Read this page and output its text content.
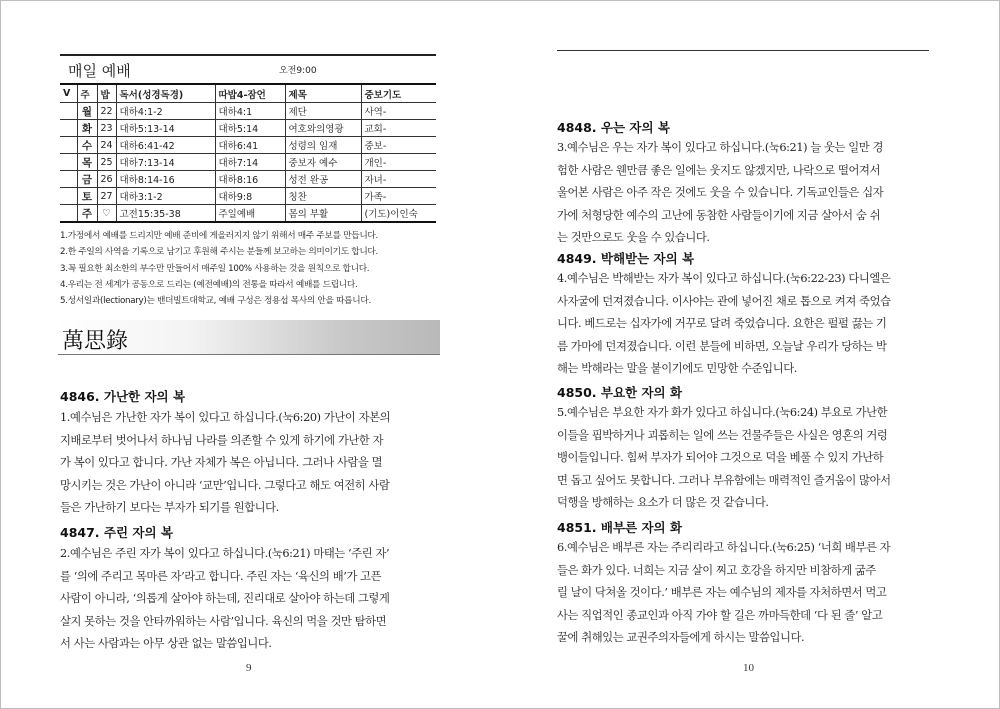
매일 예배	오전9:00
V	주	밥	독서(성경독경)	따밥4-잠언	제목	중보기도
	월	22	대하4:1-2	대하4:1	제단	사역-
	화	23	대하5:13-14	대하5:14	여호와의영광	교회-
	수	24	대하6:41-42	대하6:41	성령의 임재	중보-
	목	25	대하7:13-14	대하7:14	중보자 예수	개인-
	금	26	대하8:14-16	대하8:16	성전 완공	자녀-
	토	27	대하3:1-2	대하9:8	칭찬	가족-
	주	♡	고전15:35-38	주일예배	몸의 부활	(기도)이인숙
1.가정에서 예배를 드리지만 예배 준비에 게을러지지 않기 위해서 매주 주보를 만듭니다.
2.한 주일의 사역을 기록으로 남기고 후원해 주시는 분들께 보고하는 의미이기도 합니다.
3.꼭 필요한 최소한의 부수만 만들어서 매주일 100% 사용하는 것을 원칙으로 합니다.
4.우리는 전 세계가 공동으로 드리는 (예전예배)의 전통을 따라서 예배를 드립니다.
5.성서일과(lectionary)는 밴더빌트대학교, 예배 구성은 정용섭 목사의 안을 따릅니다.
萬思錄
4846. 가난한 자의 복
1.예수님은 가난한 자가 복이 있다고 하십니다.(눅6:20) 가난이 자본의
지배로부터 벗어나서 하나님 나라를 의존할 수 있게 하기에 가난한 자
가 복이 있다고 합니다. 가난 자체가 복은 아닙니다. 그러나 사람을 멸
망시키는 것은 가난이 아니라 ‘교만’입니다. 그렇다고 해도 여전히 사람
들은 가난하기 보다는 부자가 되기를 원합니다.
4847. 주린 자의 복
2.예수님은 주린 자가 복이 있다고 하십니다.(눅6:21) 마태는 ‘주린 자’
를 ‘의에 주리고 목마른 자’라고 합니다. 주린 자는 ‘육신의 배’가 고픈
사람이 아니라, ‘의롭게 살아야 하는데, 진리대로 살아야 하는데 그렇게
살지 못하는 것을 안타까워하는 사람’입니다. 육신의 먹을 것만 탐하면
서 사는 사람과는 아무 상관 없는 말씀입니다.
9
4848. 우는 자의 복
3.예수님은 우는 자가 복이 있다고 하십니다.(눅6:21) 늘 웃는 일만 경
험한 사람은 웬만큼 좋은 일에는 웃지도 않겠지만, 나락으로 떨어져서
울어본 사람은 아주 작은 것에도 웃을 수 있습니다. 기독교인들은 십자
가에 처형당한 예수의 고난에 동참한 사람들이기에 지금 살아서 숨 쉬
는 것만으로도 웃을 수 있습니다.
4849. 박해받는 자의 복
4.예수님은 박해받는 자가 복이 있다고 하십니다.(눅6:22-23) 다니엘은
사자굴에 던져졌습니다. 이사야는 관에 넣어진 채로 톱으로 켜져 죽었습
니다. 베드로는 십자가에 거꾸로 달려 죽었습니다. 요한은 펄펄 끓는 기
름 가마에 던져졌습니다. 이런 분들에 비하면, 오늘날 우리가 당하는 박
해는 박해라는 말을 붙이기에도 민망한 수준입니다.
4850. 부요한 자의 화
5.예수님은 부요한 자가 화가 있다고 하십니다.(눅6:24) 부요로 가난한
이들을 핍박하거나 괴롭히는 일에 쓰는 건물주들은 사실은 영혼의 거렁
뱅이들입니다. 힘써 부자가 되어야 그것으로 덕을 베풀 수 있지 가난하
면 돕고 싶어도 못합니다. 그러나 부유함에는 매력적인 즐거움이 많아서
덕행을 방해하는 요소가 더 많은 것 같습니다.
4851. 배부른 자의 화
6.예수님은 배부른 자는 주리리라고 하십니다.(눅6:25) ‘너희 배부른 자
들은 화가 있다. 너희는 지금 살이 찌고 호강을 하지만 비참하게 굶주
릴 날이 닥쳐올 것이다.’ 배부른 자는 예수님의 제자를 자처하면서 먹고
사는 직업적인 종교인과 아직 가야 할 길은 까마득한데 ‘다 된 줄’ 알고
꿀에 취해있는 교권주의자들에게 하시는 말씀입니다.
10
